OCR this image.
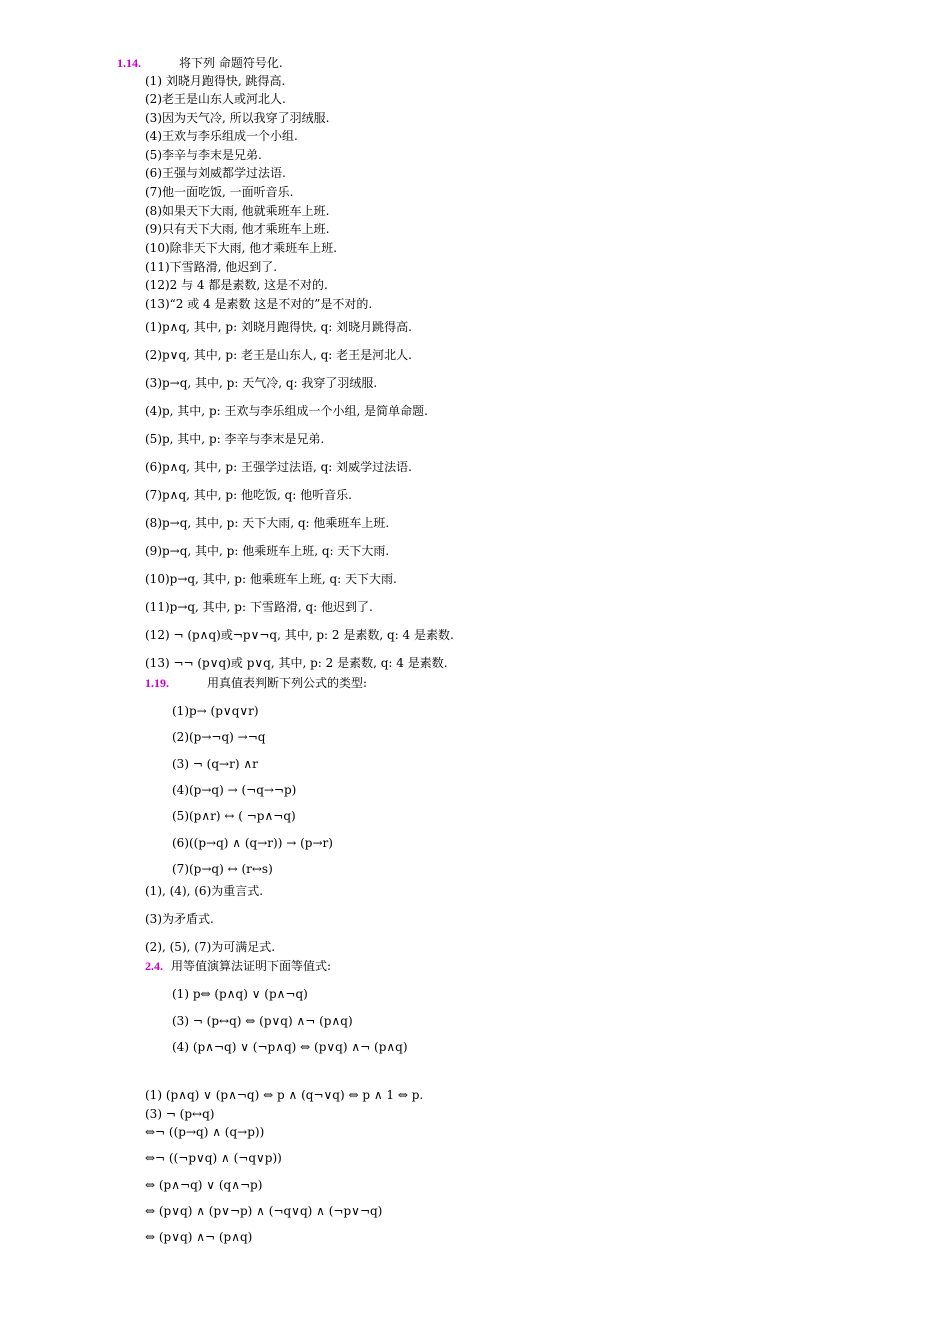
1.14.	将下列 命题符号化.
(1) 刘晓月跑得快, 跳得高.
(2)老王是山东人或河北人.
(3)因为天气冷, 所以我穿了羽绒服.
(4)王欢与李乐组成一个小组.
(5)李辛与李末是兄弟.
(6)王强与刘威都学过法语.
(7)他一面吃饭, 一面听音乐.
(8)如果天下大雨, 他就乘班车上班.
(9)只有天下大雨, 他才乘班车上班.
(10)除非天下大雨, 他才乘班车上班.
(11)下雪路滑, 他迟到了.
(12)2 与 4 都是素数, 这是不对的.
(13)“2 或 4 是素数 这是不对的”是不对的.
(1)p∧q, 其中, p: 刘晓月跑得快, q: 刘晓月跳得高.
(2)p∨q, 其中, p: 老王是山东人, q: 老王是河北人.
(3)p→q, 其中, p: 天气冷, q: 我穿了羽绒服.
(4)p, 其中, p: 王欢与李乐组成一个小组, 是简单命题.
(5)p, 其中, p: 李辛与李末是兄弟.
(6)p∧q, 其中, p: 王强学过法语, q: 刘威学过法语.
(7)p∧q, 其中, p: 他吃饭, q: 他听音乐.
(8)p→q, 其中, p: 天下大雨, q: 他乘班车上班.
(9)p→q, 其中, p: 他乘班车上班, q: 天下大雨.
(10)p→q, 其中, p: 他乘班车上班, q: 天下大雨.
(11)p→q, 其中, p: 下雪路滑, q: 他迟到了.
(12) ¬ (p∧q)或¬p∨¬q, 其中, p: 2 是素数, q: 4 是素数.
(13) ¬¬ (p∨q)或 p∨q, 其中, p: 2 是素数, q: 4 是素数.
1.19.	用真值表判断下列公式的类型:
(1)p→ (p∨q∨r)
(2)(p→¬q) →¬q
(3) ¬ (q→r) ∧r
(4)(p→q) → (¬q→¬p)
(5)(p∧r) ↔ ( ¬p∧¬q)
(6)((p→q) ∧ (q→r)) → (p→r)
(7)(p→q) ↔ (r↔s)
(1), (4), (6)为重言式.
(3)为矛盾式.
(2), (5), (7)为可满足式.
2.4. 用等值演算法证明下面等值式:
(1) p⇔ (p∧q) ∨ (p∧¬q)
(3) ¬ (p↔q) ⇔ (p∨q) ∧¬ (p∧q)
(4) (p∧¬q) ∨ (¬p∧q) ⇔ (p∨q) ∧¬ (p∧q)
(1) (p∧q) ∨ (p∧¬q) ⇔ p ∧ (q¬∨q) ⇔ p ∧ 1 ⇔ p.
(3) ¬ (p↔q)
⇔¬ ((p→q) ∧ (q→p))
⇔¬ ((¬p∨q) ∧ (¬q∨p))
⇔ (p∧¬q) ∨ (q∧¬p)
⇔ (p∨q) ∧ (p∨¬p) ∧ (¬q∨q) ∧ (¬p∨¬q)
⇔ (p∨q) ∧¬ (p∧q)
